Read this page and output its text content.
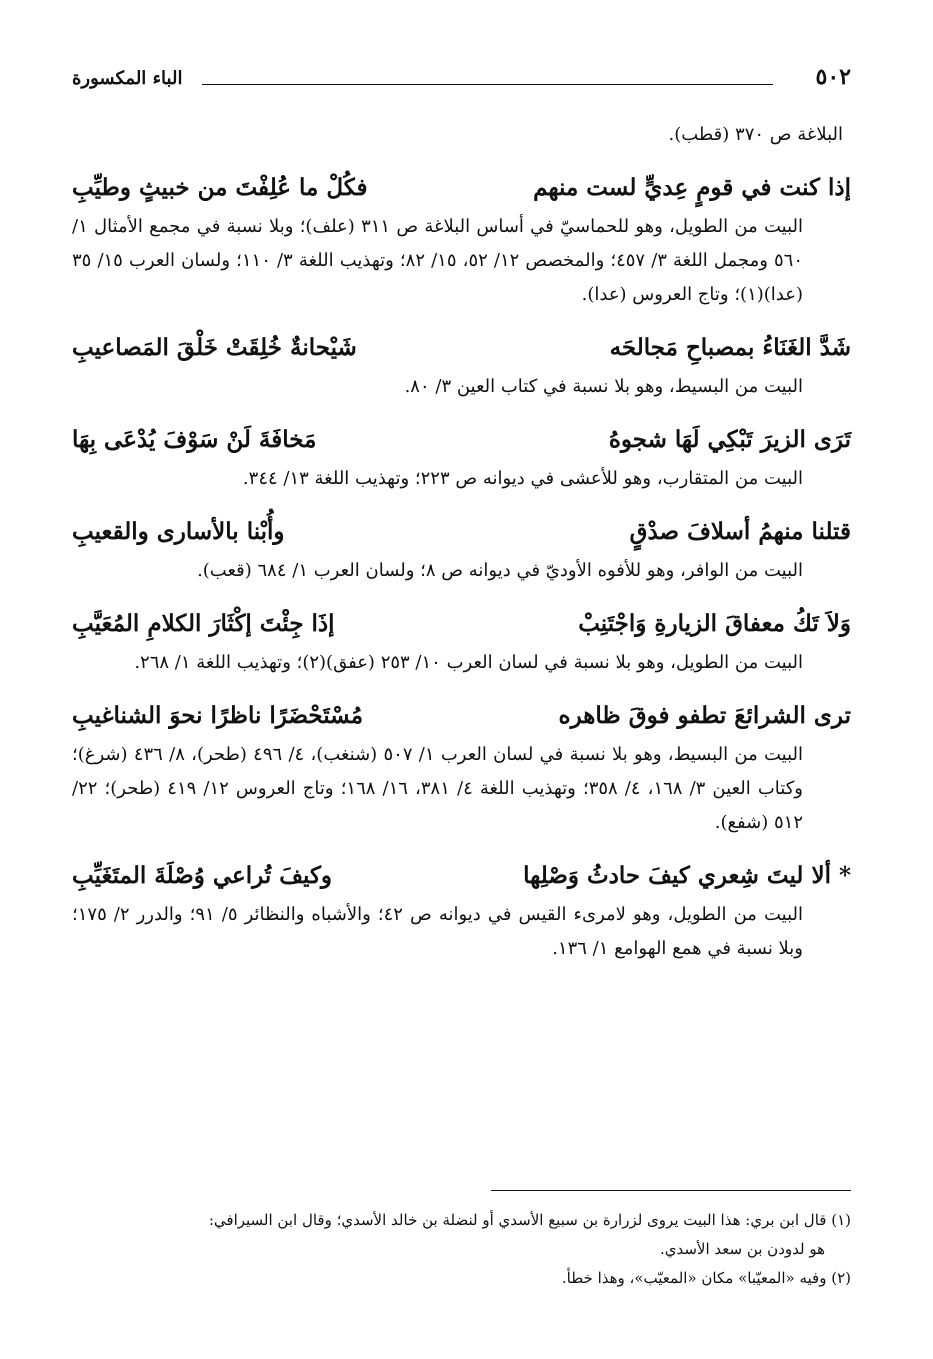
٥٠٢
الباء المكسورة

البلاغة ص ٣٧٠ (قطب).

إذا كنت في قومٍ عِديٍّ لست منهم
فكُلْ ما عُلِفْتَ من خبيثٍ وطيِّبِ

البيت من الطويل، وهو للحماسيّ في أساس البلاغة ص ٣١١ (علف)؛ وبلا نسبة في مجمع الأمثال ١/ ٥٦٠ ومجمل اللغة ٣/ ٤٥٧؛ والمخصص ١٢/ ٥٢، ١٥/ ٨٢؛ وتهذيب اللغة ٣/ ١١٠؛ ولسان العرب ١٥/ ٣٥ (عدا)(١)؛ وتاج العروس (عدا).

شَدَّ الغَنَاءُ بمصباحِ مَجالحَه
شَيْحانةٌ خُلِقَتْ خَلْقَ المَصاعيبِ

البيت من البسيط، وهو بلا نسبة في كتاب العين ٣/ ٨٠.

تَرَى الزيرَ تَبْكِي لَهَا شجوهُ
مَخافَةَ لَنْ سَوْفَ يُدْعَى بِهَا

البيت من المتقارب، وهو للأعشى في ديوانه ص ٢٢٣؛ وتهذيب اللغة ١٣/ ٣٤٤.

قتلنا منهمُ أسلافَ صدْقٍ
وأُبْنا بالأسارى والقعيبِ

البيت من الوافر، وهو للأفوه الأوديّ في ديوانه ص ٨؛ ولسان العرب ١/ ٦٨٤ (قعب).

وَلاَ تَكُ معفاقَ الزيارةِ وَاجْتَنِبْ
إذَا جِئْتَ إكْثَارَ الكلامِ المُعَيَّبِ

البيت من الطويل، وهو بلا نسبة في لسان العرب ١٠/ ٢٥٣ (عفق)(٢)؛ وتهذيب اللغة ١/ ٢٦٨.

ترى الشرائعَ تطفو فوقَ ظاهره
مُسْتَحْضَرًا ناظرًا نحوَ الشناغيبِ

البيت من البسيط، وهو بلا نسبة في لسان العرب ١/ ٥٠٧ (شنغب)، ٤/ ٤٩٦ (طحر)، ٨/ ٤٣٦ (شرغ)؛ وكتاب العين ٣/ ١٦٨، ٤/ ٣٥٨؛ وتهذيب اللغة ٤/ ٣٨١، ١٦/ ١٦٨؛ وتاج العروس ١٢/ ٤١٩ (طحر)؛ ٢٢/ ٥١٢ (شفع).

* ألا ليتَ شِعري كيفَ حادثُ وَصْلِها
وكيفَ تُراعي وُصْلَةَ المتَغَيِّبِ

البيت من الطويل، وهو لامرىء القيس في ديوانه ص ٤٢؛ والأشباه والنظائر ٥/ ٩١؛ والدرر ٢/ ١٧٥؛ وبلا نسبة في همع الهوامع ١/ ١٣٦.

(١) قال ابن بري: هذا البيت يروى لزرارة بن سبيع الأسدي أو لنضلة بن خالد الأسدي؛ وقال ابن السيرافي:

هو لدودن بن سعد الأسدي.

(٢) وفيه «المعيّبا» مكان «المعيّب»، وهذا خطأ.
